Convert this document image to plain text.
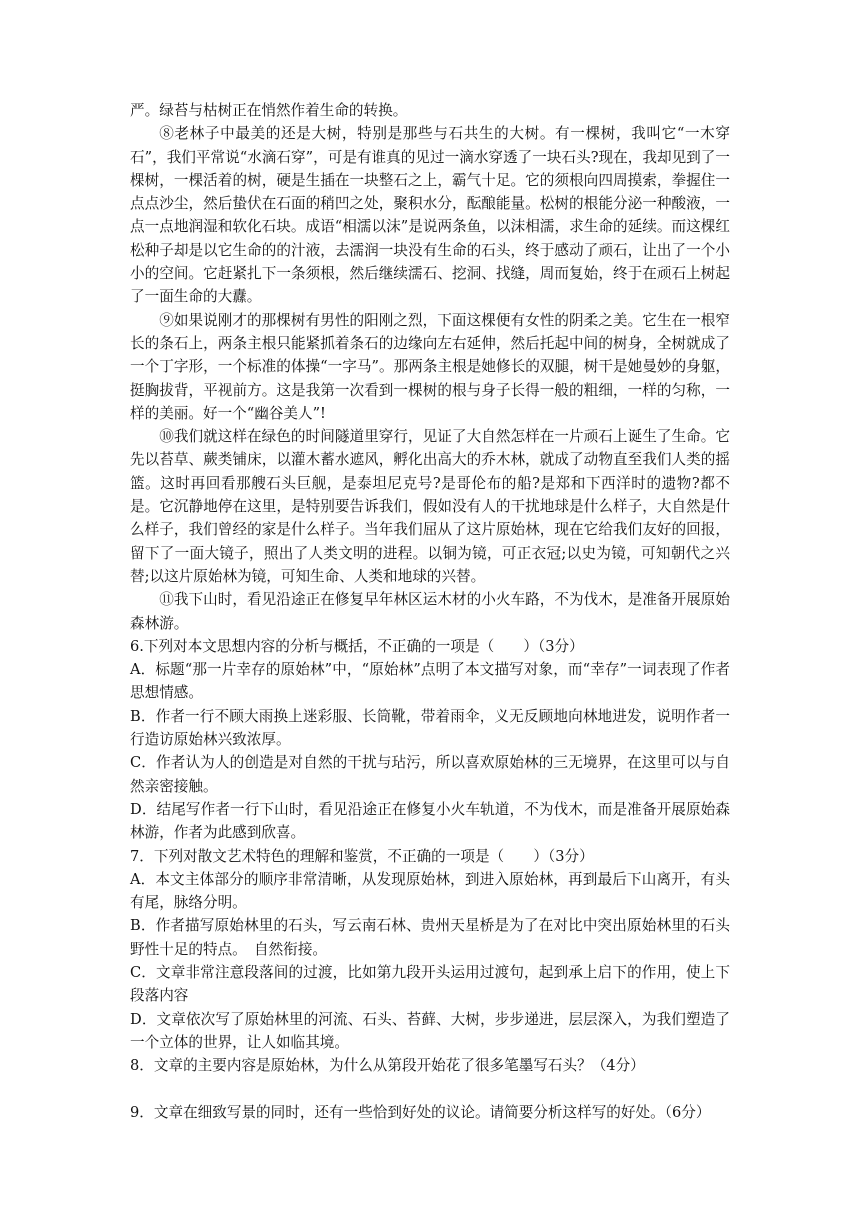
严。绿苔与枯树正在悄然作着生命的转换。

⑧老林子中最美的还是大树，特别是那些与石共生的大树。有一棵树，我叫它“一木穿石”，我们平常说“水滴石穿”，可是有谁真的见过一滴水穿透了一块石头?现在，我却见到了一棵树，一棵活着的树，硬是生插在一块整石之上，霸气十足。它的须根向四周摸索，拳握住一点点沙尘，然后蛰伏在石面的稍凹之处，聚积水分，酝酿能量。松树的根能分泌一种酸液，一点一点地润湿和软化石块。成语“相濡以沫”是说两条鱼，以沫相濡，求生命的延续。而这棵红松种子却是以它生命的的汁液，去濡润一块没有生命的石头，终于感动了顽石，让出了一个小小的空间。它赶紧扎下一条须根，然后继续濡石、挖洞、找缝，周而复始，终于在顽石上树起了一面生命的大纛。

⑨如果说刚才的那棵树有男性的阳刚之烈，下面这棵便有女性的阴柔之美。它生在一根窄长的条石上，两条主根只能紧抓着条石的边缘向左右延伸，然后托起中间的树身，全树就成了一个丁字形，一个标准的体操“一字马”。那两条主根是她修长的双腿，树干是她曼妙的身躯，挺胸拔背，平视前方。这是我第一次看到一棵树的根与身子长得一般的粗细，一样的匀称，一样的美丽。好一个“幽谷美人”!

⑩我们就这样在绿色的时间隧道里穿行，见证了大自然怎样在一片顽石上诞生了生命。它先以苔草、蕨类铺床，以灌木蓄水遮风，孵化出高大的乔木林，就成了动物直至我们人类的摇篮。这时再回看那艘石头巨舰，是泰坦尼克号?是哥伦布的船?是郑和下西洋时的遗物?都不是。它沉静地停在这里，是特别要告诉我们，假如没有人的干扰地球是什么样子，大自然是什么样子，我们曾经的家是什么样子。当年我们屈从了这片原始林，现在它给我们友好的回报，留下了一面大镜子，照出了人类文明的进程。以铜为镜，可正衣冠;以史为镜，可知朝代之兴替;以这片原始林为镜，可知生命、人类和地球的兴替。

⑪我下山时，看见沿途正在修复早年林区运木材的小火车路，不为伐木，是准备开展原始森林游。

6.下列对本文思想内容的分析与概括，不正确的一项是（　　）（3分）

A．标题“那一片幸存的原始林”中，“原始林”点明了本文描写对象，而“幸存”一词表现了作者思想情感。

B．作者一行不顾大雨换上迷彩服、长筒靴，带着雨伞，义无反顾地向林地进发，说明作者一行造访原始林兴致浓厚。

C．作者认为人的创造是对自然的干扰与玷污，所以喜欢原始林的三无境界，在这里可以与自然亲密接触。

D．结尾写作者一行下山时，看见沿途正在修复小火车轨道，不为伐木，而是准备开展原始森林游，作者为此感到欣喜。

7．下列对散文艺术特色的理解和鉴赏，不正确的一项是（　　）（3分）

A．本文主体部分的顺序非常清晰，从发现原始林，到进入原始林，再到最后下山离开，有头有尾，脉络分明。

B．作者描写原始林里的石头，写云南石林、贵州天星桥是为了在对比中突出原始林里的石头野性十足的特点。　自然衔接。

C．文章非常注意段落间的过渡，比如第九段开头运用过渡句，起到承上启下的作用，使上下段落内容

D．文章依次写了原始林里的河流、石头、苔藓、大树，步步递进，层层深入，为我们塑造了一个立体的世界，让人如临其境。

8．文章的主要内容是原始林，为什么从第段开始花了很多笔墨写石头？（4分）

9．文章在细致写景的同时，还有一些恰到好处的议论。请简要分析这样写的好处。（6分）
